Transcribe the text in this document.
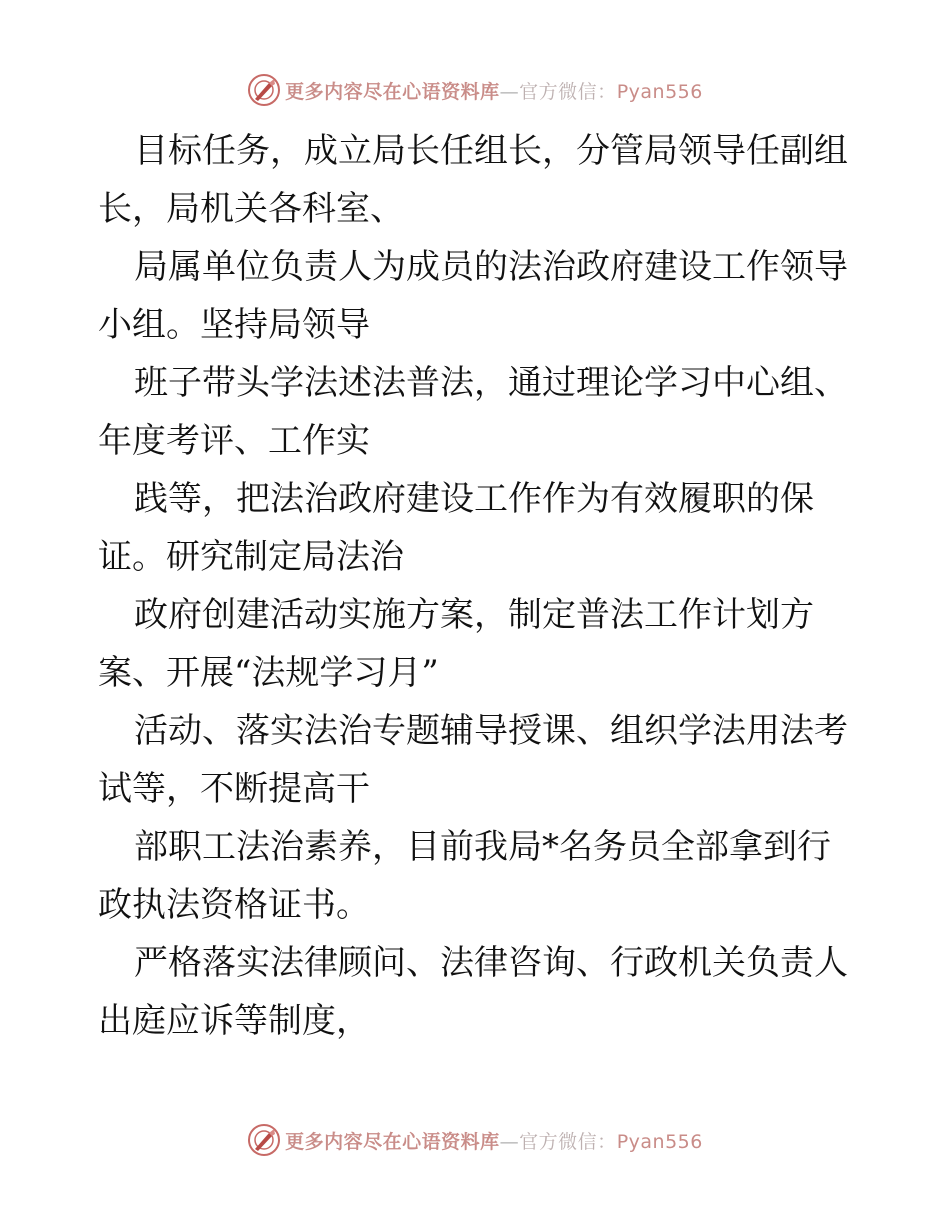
更多内容尽在心语资料库—官方微信：Pyan556
目标任务，成立局长任组长，分管局领导任副组
长，局机关各科室、
局属单位负责人为成员的法治政府建设工作领导
小组。坚持局领导
班子带头学法述法普法，通过理论学习中心组、
年度考评、工作实
践等，把法治政府建设工作作为有效履职的保
证。研究制定局法治
政府创建活动实施方案，制定普法工作计划方
案、开展“法规学习月”
活动、落实法治专题辅导授课、组织学法用法考
试等，不断提高干
部职工法治素养，目前我局*名务员全部拿到行
政执法资格证书。
严格落实法律顾问、法律咨询、行政机关负责人
出庭应诉等制度，
更多内容尽在心语资料库—官方微信：Pyan556
